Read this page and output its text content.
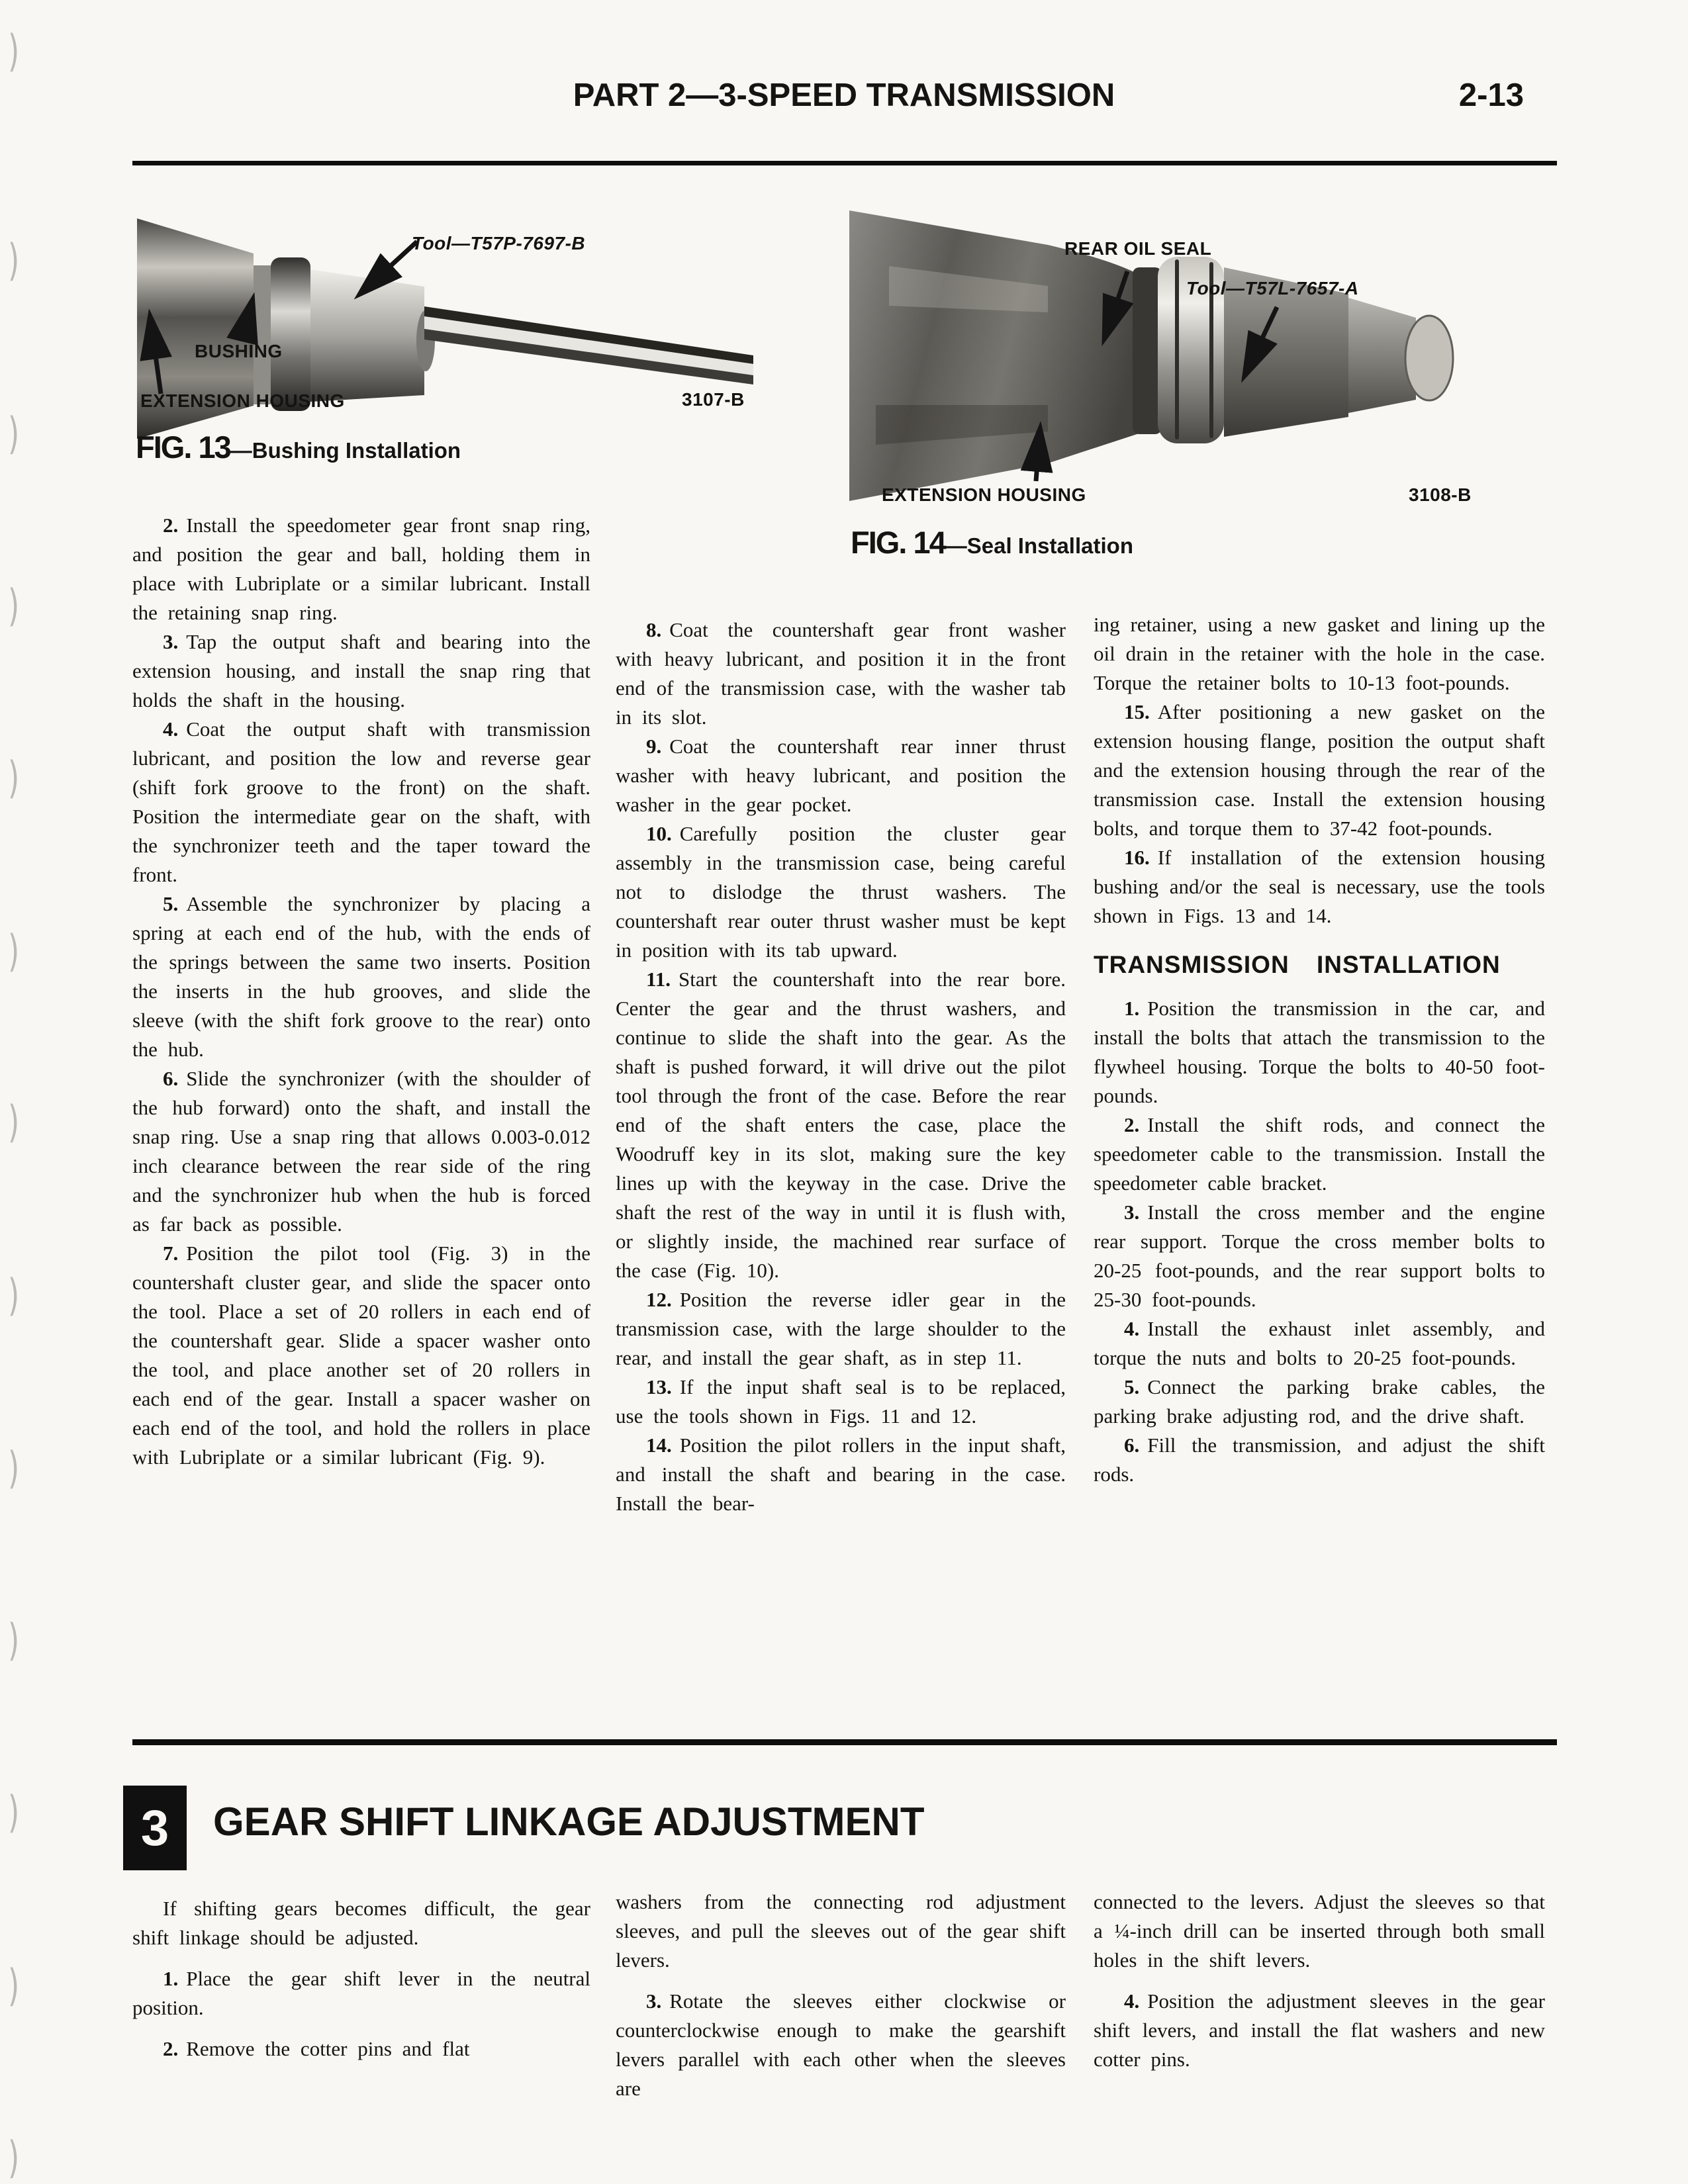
)
)
)
)
)
)
)
)
)
)
)
)
)
PART 2—3-SPEED TRANSMISSION	2-13
Tool—T57P-7697-B
BUSHING
EXTENSION HOUSING	3107-B
FIG. 13—Bushing Installation
REAR OIL SEAL
Tool—T57L-7657-A
EXTENSION HOUSING	3108-B
FIG. 14—Seal Installation

2. Install the speedometer gear front snap ring, and position the gear and ball, holding them in place with Lubriplate or a similar lubricant. Install the retaining snap ring.

3. Tap the output shaft and bearing into the extension housing, and install the snap ring that holds the shaft in the housing.

4. Coat the output shaft with transmission lubricant, and position the low and reverse gear (shift fork groove to the front) on the shaft. Position the intermediate gear on the shaft, with the synchronizer teeth and the taper toward the front.

5. Assemble the synchronizer by placing a spring at each end of the hub, with the ends of the springs between the same two inserts. Position the inserts in the hub grooves, and slide the sleeve (with the shift fork groove to the rear) onto the hub.

6. Slide the synchronizer (with the shoulder of the hub forward) onto the shaft, and install the snap ring. Use a snap ring that allows 0.003-0.012 inch clearance between the rear side of the ring and the synchronizer hub when the hub is forced as far back as possible.

7. Position the pilot tool (Fig. 3) in the countershaft cluster gear, and slide the spacer onto the tool. Place a set of 20 rollers in each end of the countershaft gear. Slide a spacer washer onto the tool, and place another set of 20 rollers in each end of the gear. Install a spacer washer on each end of the tool, and hold the rollers in place with Lubriplate or a similar lubricant (Fig. 9).

8. Coat the countershaft gear front washer with heavy lubricant, and position it in the front end of the transmission case, with the washer tab in its slot.

9. Coat the countershaft rear inner thrust washer with heavy lubricant, and position the washer in the gear pocket.

10. Carefully position the cluster gear assembly in the transmission case, being careful not to dislodge the thrust washers. The countershaft rear outer thrust washer must be kept in position with its tab upward.

11. Start the countershaft into the rear bore. Center the gear and the thrust washers, and continue to slide the shaft into the gear. As the shaft is pushed forward, it will drive out the pilot tool through the front of the case. Before the rear end of the shaft enters the case, place the Woodruff key in its slot, making sure the key lines up with the keyway in the case. Drive the shaft the rest of the way in until it is flush with, or slightly inside, the machined rear surface of the case (Fig. 10).

12. Position the reverse idler gear in the transmission case, with the large shoulder to the rear, and install the gear shaft, as in step 11.

13. If the input shaft seal is to be replaced, use the tools shown in Figs. 11 and 12.

14. Position the pilot rollers in the input shaft, and install the shaft and bearing in the case. Install the bear-

ing retainer, using a new gasket and lining up the oil drain in the retainer with the hole in the case. Torque the retainer bolts to 10-13 foot-pounds.

15. After positioning a new gasket on the extension housing flange, position the output shaft and the extension housing through the rear of the transmission case. Install the extension housing bolts, and torque them to 37-42 foot-pounds.

16. If installation of the extension housing bushing and/or the seal is necessary, use the tools shown in Figs. 13 and 14.

TRANSMISSION INSTALLATION

1. Position the transmission in the car, and install the bolts that attach the transmission to the flywheel housing. Torque the bolts to 40-50 foot-pounds.

2. Install the shift rods, and connect the speedometer cable to the transmission. Install the speedometer cable bracket.

3. Install the cross member and the engine rear support. Torque the cross member bolts to 20-25 foot-pounds, and the rear support bolts to 25-30 foot-pounds.

4. Install the exhaust inlet assembly, and torque the nuts and bolts to 20-25 foot-pounds.

5. Connect the parking brake cables, the parking brake adjusting rod, and the drive shaft.

6. Fill the transmission, and adjust the shift rods.

3	GEAR SHIFT LINKAGE ADJUSTMENT

If shifting gears becomes difficult, the gear shift linkage should be adjusted.

1. Place the gear shift lever in the neutral position.

2. Remove the cotter pins and flat

washers from the connecting rod adjustment sleeves, and pull the sleeves out of the gear shift levers.

3. Rotate the sleeves either clockwise or counterclockwise enough to make the gearshift levers parallel with each other when the sleeves are

connected to the levers. Adjust the sleeves so that a ¼-inch drill can be inserted through both small holes in the shift levers.

4. Position the adjustment sleeves in the gear shift levers, and install the flat washers and new cotter pins.
